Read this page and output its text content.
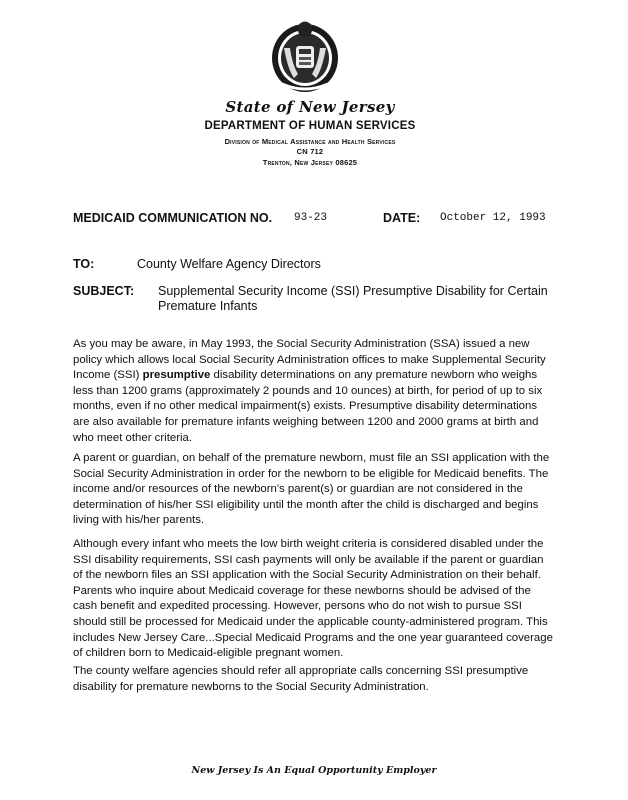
State of New Jersey
DEPARTMENT OF HUMAN SERVICES
Division of Medical Assistance and Health Services
CN 712
Trenton, New Jersey 08625
MEDICAID COMMUNICATION NO. 93-23	DATE: October 12, 1993
TO:	County Welfare Agency Directors
SUBJECT: Supplemental Security Income (SSI) Presumptive Disability for Certain
Premature Infants
As you may be aware, in May 1993, the Social Security Administration (SSA) issued a new policy which allows local Social Security Administration offices to make Supplemental Security Income (SSI) presumptive disability determinations on any premature newborn who weighs less than 1200 grams (approximately 2 pounds and 10 ounces) at birth, for period of up to six months, even if no other medical impairment(s) exists. Presumptive disability determinations are also available for premature infants weighing between 1200 and 2000 grams at birth and who meet other criteria.
A parent or guardian, on behalf of the premature newborn, must file an SSI application with the Social Security Administration in order for the newborn to be eligible for Medicaid benefits. The income and/or resources of the newborn's parent(s) or guardian are not considered in the determination of his/her SSI eligibility until the month after the child is discharged and begins living with his/her parents.
Although every infant who meets the low birth weight criteria is considered disabled under the SSI disability requirements, SSI cash payments will only be available if the parent or guardian of the newborn files an SSI application with the Social Security Administration on their behalf. Parents who inquire about Medicaid coverage for these newborns should be advised of the cash benefit and expedited processing. However, persons who do not wish to pursue SSI should still be processed for Medicaid under the applicable county-administered program. This includes New Jersey Care...Special Medicaid Programs and the one year guaranteed coverage of children born to Medicaid-eligible pregnant women.
The county welfare agencies should refer all appropriate calls concerning SSI presumptive disability for premature newborns to the Social Security Administration.
New Jersey Is An Equal Opportunity Employer
